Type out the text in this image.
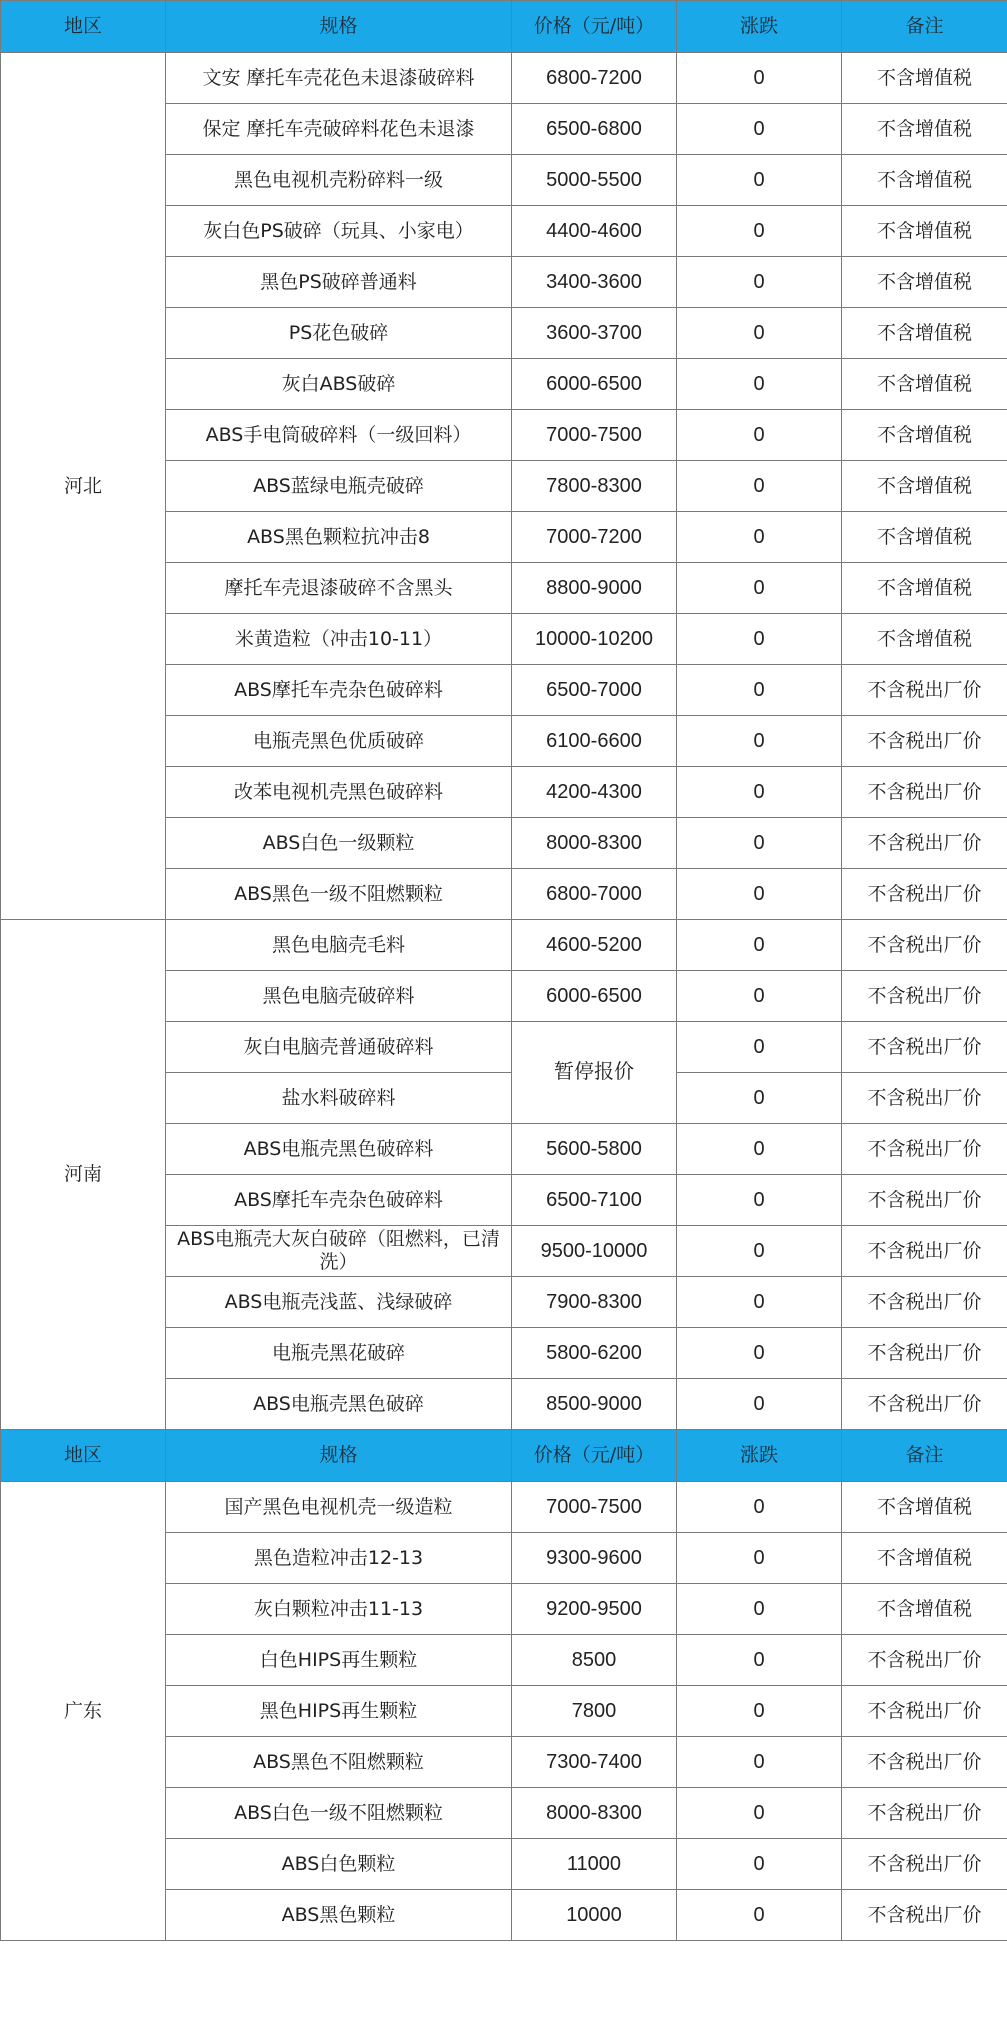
地区	规格	价格（元/吨）	涨跌	备注
河北	文安 摩托车壳花色未退漆破碎料	6800-7200	0	不含增值税
	保定 摩托车壳破碎料花色未退漆	6500-6800	0	不含增值税
	黑色电视机壳粉碎料一级	5000-5500	0	不含增值税
	灰白色PS破碎（玩具、小家电）	4400-4600	0	不含增值税
	黑色PS破碎普通料	3400-3600	0	不含增值税
	PS花色破碎	3600-3700	0	不含增值税
	灰白ABS破碎	6000-6500	0	不含增值税
	ABS手电筒破碎料（一级回料）	7000-7500	0	不含增值税
	ABS蓝绿电瓶壳破碎	7800-8300	0	不含增值税
	ABS黑色颗粒抗冲击8	7000-7200	0	不含增值税
	摩托车壳退漆破碎不含黑头	8800-9000	0	不含增值税
	米黄造粒（冲击10-11）	10000-10200	0	不含增值税
	ABS摩托车壳杂色破碎料	6500-7000	0	不含税出厂价
	电瓶壳黑色优质破碎	6100-6600	0	不含税出厂价
	改苯电视机壳黑色破碎料	4200-4300	0	不含税出厂价
	ABS白色一级颗粒	8000-8300	0	不含税出厂价
	ABS黑色一级不阻燃颗粒	6800-7000	0	不含税出厂价
河南	黑色电脑壳毛料	4600-5200	0	不含税出厂价
	黑色电脑壳破碎料	6000-6500	0	不含税出厂价
	灰白电脑壳普通破碎料	暂停报价	0	不含税出厂价
	盐水料破碎料		0	不含税出厂价
	ABS电瓶壳黑色破碎料	5600-5800	0	不含税出厂价
	ABS摩托车壳杂色破碎料	6500-7100	0	不含税出厂价
	ABS电瓶壳大灰白破碎（阻燃料，已清洗）	9500-10000	0	不含税出厂价
	ABS电瓶壳浅蓝、浅绿破碎	7900-8300	0	不含税出厂价
	电瓶壳黑花破碎	5800-6200	0	不含税出厂价
	ABS电瓶壳黑色破碎	8500-9000	0	不含税出厂价
地区	规格	价格（元/吨）	涨跌	备注
广东	国产黑色电视机壳一级造粒	7000-7500	0	不含增值税
	黑色造粒冲击12-13	9300-9600	0	不含增值税
	灰白颗粒冲击11-13	9200-9500	0	不含增值税
	白色HIPS再生颗粒	8500	0	不含税出厂价
	黑色HIPS再生颗粒	7800	0	不含税出厂价
	ABS黑色不阻燃颗粒	7300-7400	0	不含税出厂价
	ABS白色一级不阻燃颗粒	8000-8300	0	不含税出厂价
	ABS白色颗粒	11000	0	不含税出厂价
	ABS黑色颗粒	10000	0	不含税出厂价
